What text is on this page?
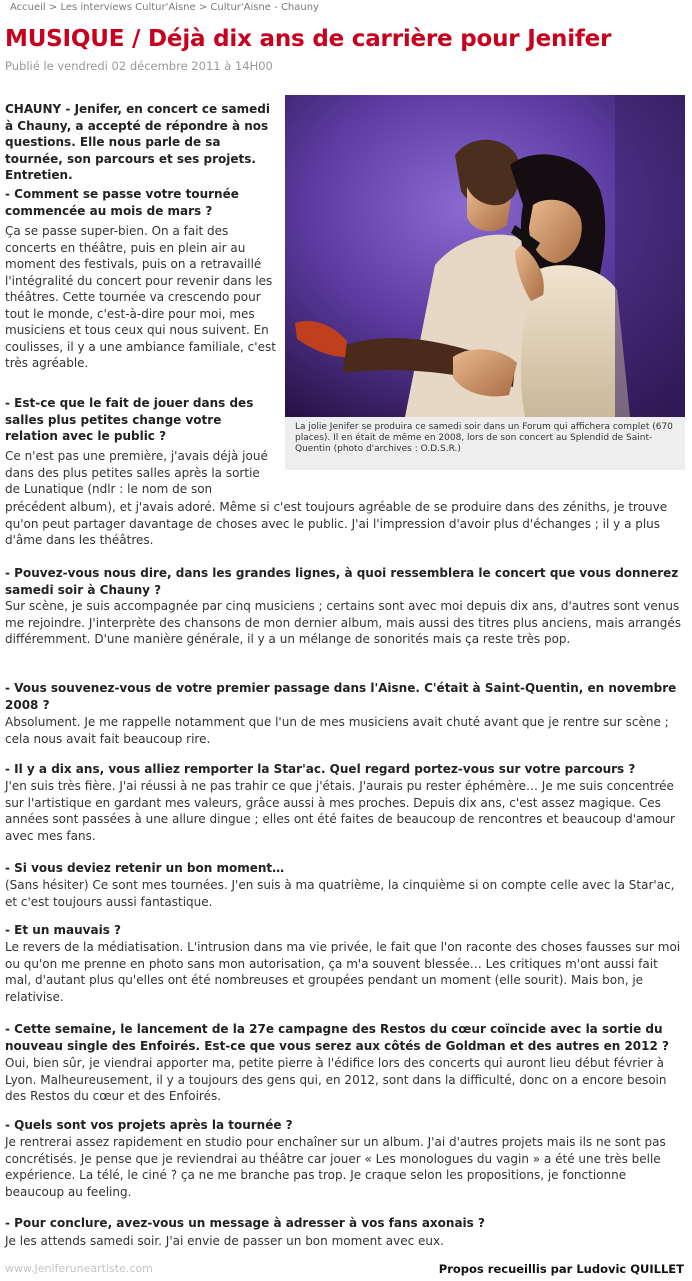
Accueil > Les interviews Cultur'Aisne > Cultur'Aisne - Chauny
MUSIQUE / Déjà dix ans de carrière pour Jenifer
Publié le vendredi 02 décembre 2011 à 14H00
La jolie Jenifer se produira ce samedi soir dans un Forum qui affichera complet (670 places). Il en était de même en 2008, lors de son concert au Splendid de Saint-Quentin (photo d'archives : O.D.S.R.)

CHAUNY - Jenifer, en concert ce samedi à Chauny, a accepté de répondre à nos questions. Elle nous parle de sa tournée, son parcours et ses projets. Entretien.

- Comment se passe votre tournée commencée au mois de mars ?

Ça se passe super-bien. On a fait des concerts en théâtre, puis en plein air au moment des festivals, puis on a retravaillé l'intégralité du concert pour revenir dans les théâtres. Cette tournée va crescendo pour tout le monde, c'est-à-dire pour moi, mes musiciens et tous ceux qui nous suivent. En coulisses, il y a une ambiance familiale, c'est très agréable.

- Est-ce que le fait de jouer dans des salles plus petites change votre relation avec le public ?

Ce n'est pas une première, j'avais déjà joué dans des plus petites salles après la sortie de Lunatique (ndlr : le nom de son

précédent album), et j'avais adoré. Même si c'est toujours agréable de se produire dans des zéniths, je trouve qu'on peut partager davantage de choses avec le public. J'ai l'impression d'avoir plus d'échanges ; il y a plus d'âme dans les théâtres.

- Pouvez-vous nous dire, dans les grandes lignes, à quoi ressemblera le concert que vous donnerez samedi soir à Chauny ?

Sur scène, je suis accompagnée par cinq musiciens ; certains sont avec moi depuis dix ans, d'autres sont venus me rejoindre. J'interprète des chansons de mon dernier album, mais aussi des titres plus anciens, mais arrangés différemment. D'une manière générale, il y a un mélange de sonorités mais ça reste très pop.

- Vous souvenez-vous de votre premier passage dans l'Aisne. C'était à Saint-Quentin, en novembre 2008 ?

Absolument. Je me rappelle notamment que l'un de mes musiciens avait chuté avant que je rentre sur scène ; cela nous avait fait beaucoup rire.

- Il y a dix ans, vous alliez remporter la Star'ac. Quel regard portez-vous sur votre parcours ?

J'en suis très fière. J'ai réussi à ne pas trahir ce que j'étais. J'aurais pu rester éphémère… Je me suis concentrée sur l'artistique en gardant mes valeurs, grâce aussi à mes proches. Depuis dix ans, c'est assez magique. Ces années sont passées à une allure dingue ; elles ont été faites de beaucoup de rencontres et beaucoup d'amour avec mes fans.

- Si vous deviez retenir un bon moment…

(Sans hésiter) Ce sont mes tournées. J'en suis à ma quatrième, la cinquième si on compte celle avec la Star'ac, et c'est toujours aussi fantastique.

- Et un mauvais ?

Le revers de la médiatisation. L'intrusion dans ma vie privée, le fait que l'on raconte des choses fausses sur moi ou qu'on me prenne en photo sans mon autorisation, ça m'a souvent blessée… Les critiques m'ont aussi fait mal, d'autant plus qu'elles ont été nombreuses et groupées pendant un moment (elle sourit). Mais bon, je relativise.

- Cette semaine, le lancement de la 27e campagne des Restos du cœur coïncide avec la sortie du nouveau single des Enfoirés. Est-ce que vous serez aux côtés de Goldman et des autres en 2012 ?

Oui, bien sûr, je viendrai apporter ma, petite pierre à l'édifice lors des concerts qui auront lieu début février à Lyon. Malheureusement, il y a toujours des gens qui, en 2012, sont dans la difficulté, donc on a encore besoin des Restos du cœur et des Enfoirés.

- Quels sont vos projets après la tournée ?

Je rentrerai assez rapidement en studio pour enchaîner sur un album. J'ai d'autres projets mais ils ne sont pas concrétisés. Je pense que je reviendrai au théâtre car jouer « Les monologues du vagin » a été une très belle expérience. La télé, le ciné ? ça ne me branche pas trop. Je craque selon les propositions, je fonctionne beaucoup au feeling.

- Pour conclure, avez-vous un message à adresser à vos fans axonais ?

Je les attends samedi soir. J'ai envie de passer un bon moment avec eux.

www.Jeniferuneartiste.com	Propos recueillis par Ludovic QUILLET
